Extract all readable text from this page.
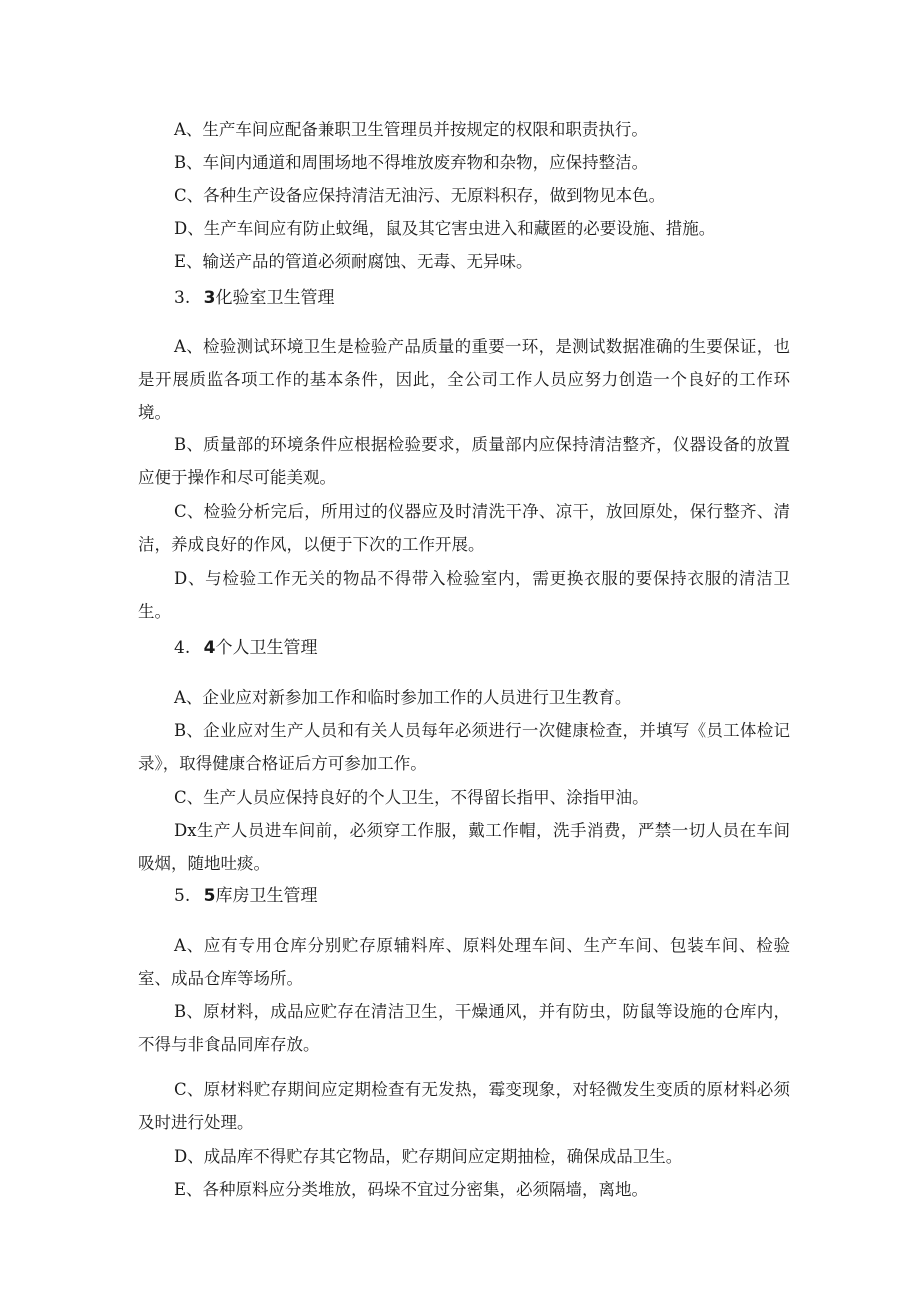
A、生产车间应配备兼职卫生管理员并按规定的权限和职责执行。

B、车间内通道和周围场地不得堆放废弃物和杂物，应保持整洁。

C、各种生产设备应保持清洁无油污、无原料积存，做到物见本色。

D、生产车间应有防止蚊绳，鼠及其它害虫进入和藏匿的必要设施、措施。

E、输送产品的管道必须耐腐蚀、无毒、无异味。

3. 3化验室卫生管理

A、检验测试环境卫生是检验产品质量的重要一环，是测试数据准确的生要保证，也是开展质监各项工作的基本条件，因此，全公司工作人员应努力创造一个良好的工作环境。

B、质量部的环境条件应根据检验要求，质量部内应保持清洁整齐，仪器设备的放置应便于操作和尽可能美观。

C、检验分析完后，所用过的仪器应及时清洗干净、凉干，放回原处，保行整齐、清洁，养成良好的作风，以便于下次的工作开展。

D、与检验工作无关的物品不得带入检验室内，需更换衣服的要保持衣服的清洁卫生。

4. 4个人卫生管理

A、企业应对新参加工作和临时参加工作的人员进行卫生教育。

B、企业应对生产人员和有关人员每年必须进行一次健康检查，并填写《员工体检记录》，取得健康合格证后方可参加工作。

C、生产人员应保持良好的个人卫生，不得留长指甲、涂指甲油。

Dx生产人员进车间前，必须穿工作服，戴工作帽，洗手消费，严禁一切人员在车间吸烟，随地吐痰。

5. 5库房卫生管理

A、应有专用仓库分别贮存原辅料库、原料处理车间、生产车间、包装车间、检验室、成品仓库等场所。

B、原材料，成品应贮存在清洁卫生，干燥通风，并有防虫，防鼠等设施的仓库内，不得与非食品同库存放。

C、原材料贮存期间应定期检查有无发热，霉变现象，对轻微发生变质的原材料必须及时进行处理。

D、成品库不得贮存其它物品，贮存期间应定期抽检，确保成品卫生。

E、各种原料应分类堆放，码垛不宜过分密集，必须隔墙，离地。
